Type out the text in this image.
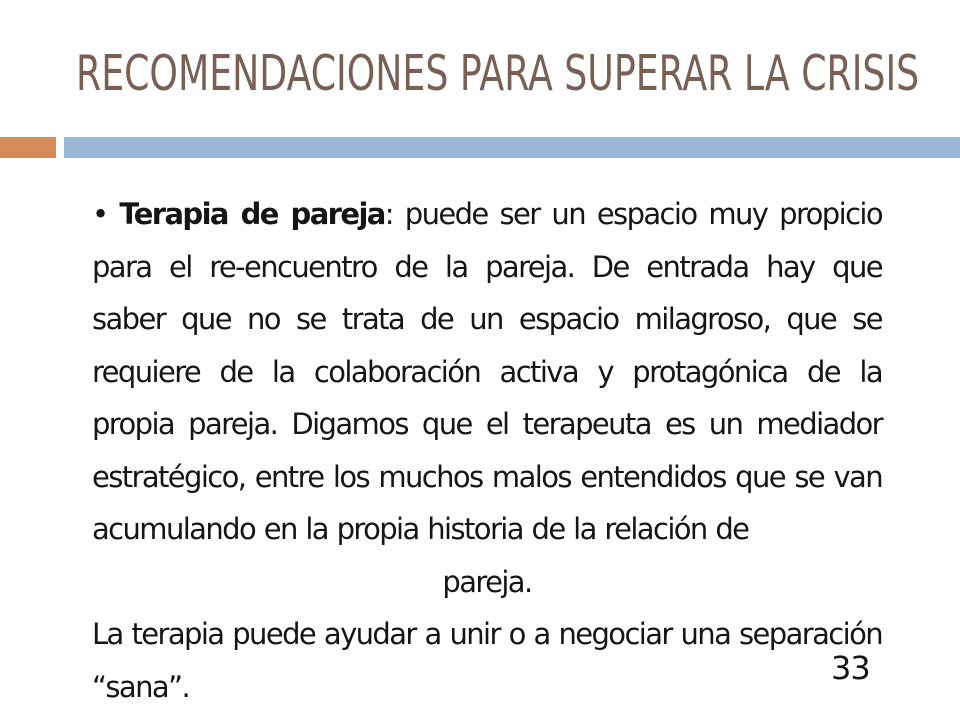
RECOMENDACIONES PARA SUPERAR LA CRISIS

• Terapia de pareja: puede ser un espacio muy propicio para el re-encuentro de la pareja. De entrada hay que saber que no se trata de un espacio milagroso, que se requiere de la colaboración activa y protagónica de la propia pareja. Digamos que el terapeuta es un mediador estratégico, entre los muchos malos entendidos que se van acumulando en la propia historia de la relación de

pareja.

La terapia puede ayudar a unir o a negociar una separación “sana”.	33
